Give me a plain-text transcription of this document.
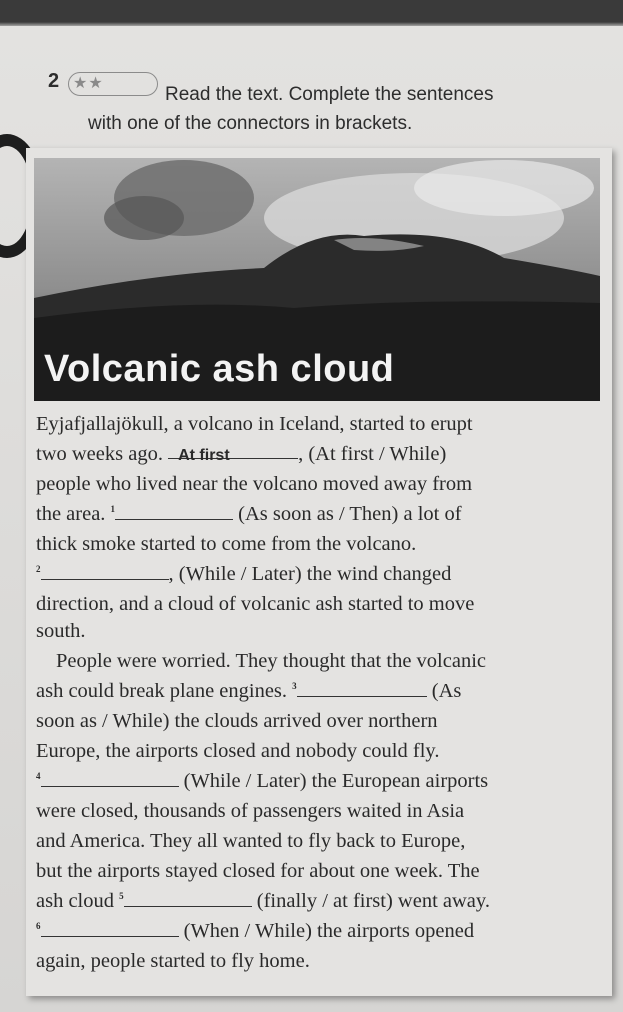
2 ★★
Read the text. Complete the sentences
with one of the connectors in brackets.
Volcanic ash cloud
Eyjafjallajökull, a volcano in Iceland, started to erupt
two weeks ago. At first	, (At first / While)
people who lived near the volcano moved away from
the area. $^1$	(As soon as / Then) a lot of
thick smoke started to come from the volcano.
$^2$	, (While / Later) the wind changed
direction, and a cloud of volcanic ash started to move
south.
People were worried. They thought that the volcanic
ash could break plane engines. $^3$	(As
soon as / While) the clouds arrived over northern
Europe, the airports closed and nobody could fly.
$^4$	(While / Later) the European airports
were closed, thousands of passengers waited in Asia
and America. They all wanted to fly back to Europe,
but the airports stayed closed for about one week. The
ash cloud $^5$	(finally / at first) went away.
$^6$	(When / While) the airports opened
again, people started to fly home.
